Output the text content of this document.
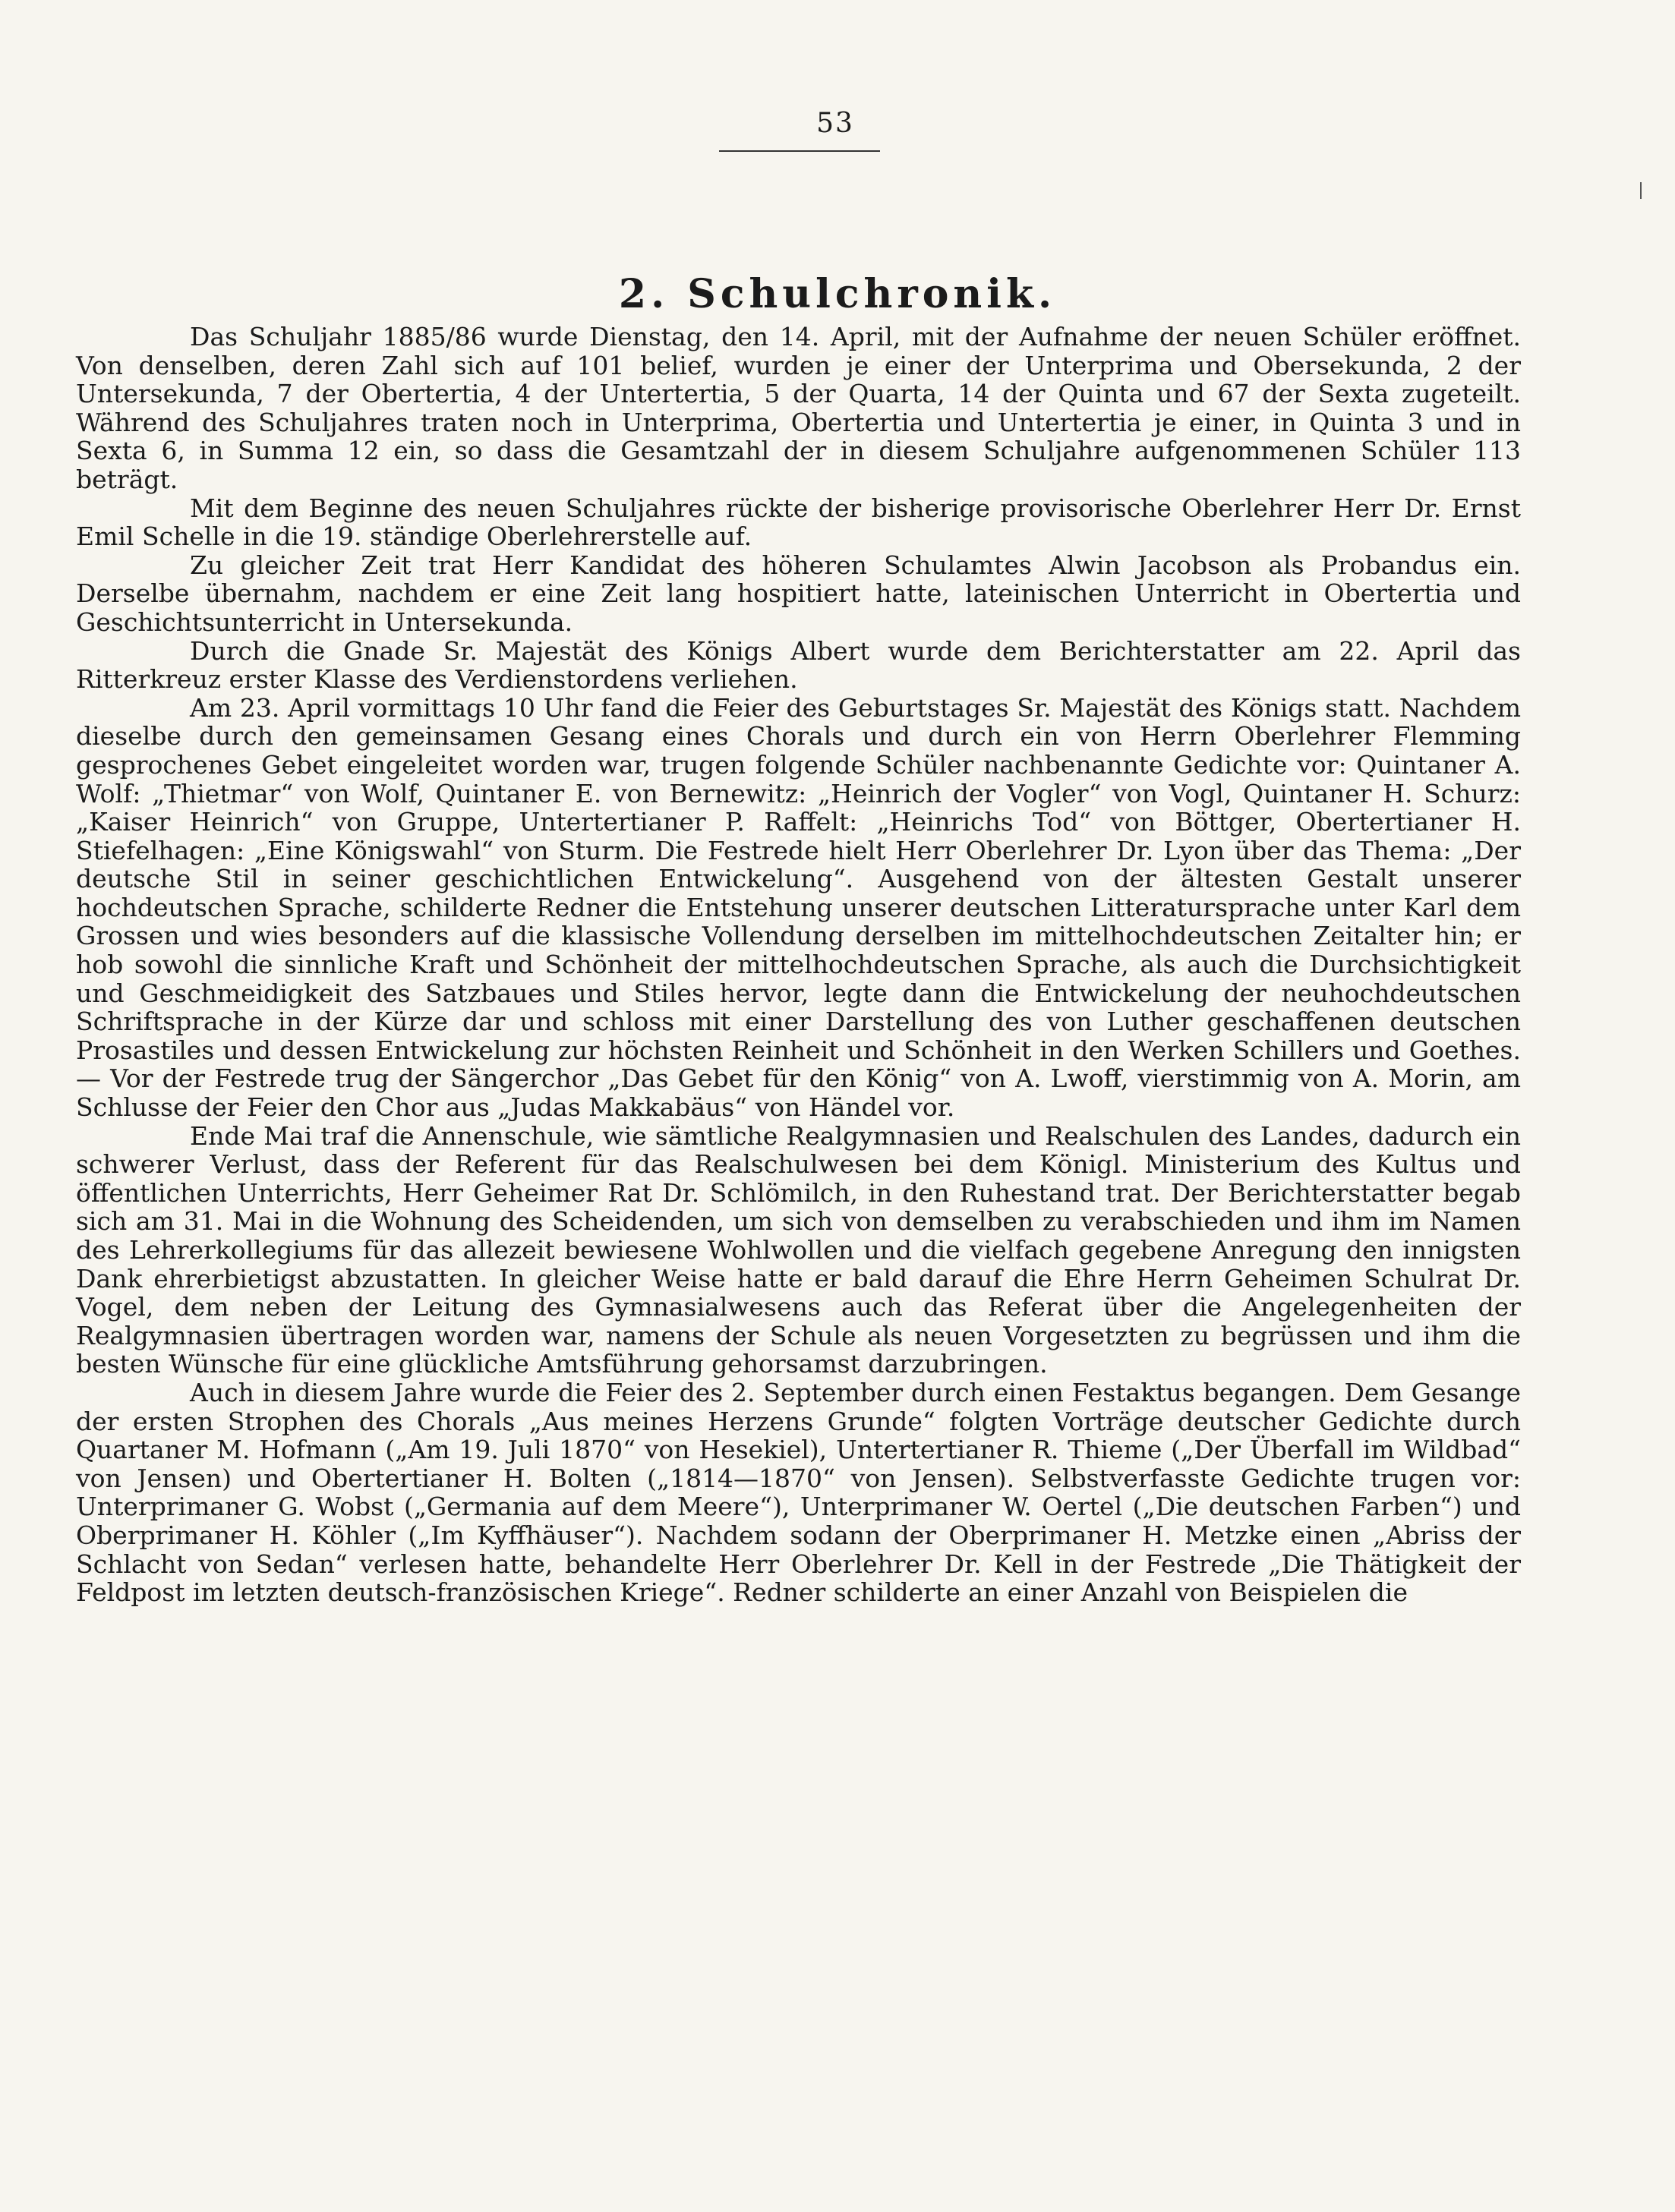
53
2. Schulchronik.

Das Schuljahr 1885/86 wurde Dienstag, den 14. April, mit der Aufnahme der neuen Schüler eröffnet. Von denselben, deren Zahl sich auf 101 belief, wurden je einer der Unterprima und Obersekunda, 2 der Untersekunda, 7 der Obertertia, 4 der Untertertia, 5 der Quarta, 14 der Quinta und 67 der Sexta zugeteilt. Während des Schuljahres traten noch in Unterprima, Obertertia und Untertertia je einer, in Quinta 3 und in Sexta 6, in Summa 12 ein, so dass die Gesamtzahl der in diesem Schuljahre aufgenommenen Schüler 113 beträgt.

Mit dem Beginne des neuen Schuljahres rückte der bisherige provisorische Oberlehrer Herr Dr. Ernst Emil Schelle in die 19. ständige Oberlehrerstelle auf.

Zu gleicher Zeit trat Herr Kandidat des höheren Schulamtes Alwin Jacobson als Probandus ein. Derselbe übernahm, nachdem er eine Zeit lang hospitiert hatte, lateinischen Unterricht in Obertertia und Geschichtsunterricht in Untersekunda.

Durch die Gnade Sr. Majestät des Königs Albert wurde dem Berichterstatter am 22. April das Ritterkreuz erster Klasse des Verdienstordens verliehen.

Am 23. April vormittags 10 Uhr fand die Feier des Geburtstages Sr. Majestät des Königs statt. Nachdem dieselbe durch den gemeinsamen Gesang eines Chorals und durch ein von Herrn Oberlehrer Flemming gesprochenes Gebet eingeleitet worden war, trugen folgende Schüler nachbenannte Gedichte vor: Quintaner A. Wolf: „Thietmar“ von Wolf, Quintaner E. von Bernewitz: „Heinrich der Vogler“ von Vogl, Quintaner H. Schurz: „Kaiser Heinrich“ von Gruppe, Untertertianer P. Raffelt: „Heinrichs Tod“ von Böttger, Obertertianer H. Stiefelhagen: „Eine Königswahl“ von Sturm. Die Festrede hielt Herr Oberlehrer Dr. Lyon über das Thema: „Der deutsche Stil in seiner geschichtlichen Entwickelung“. Ausgehend von der ältesten Gestalt unserer hochdeutschen Sprache, schilderte Redner die Entstehung unserer deutschen Litteratursprache unter Karl dem Grossen und wies besonders auf die klassische Vollendung derselben im mittelhochdeutschen Zeitalter hin; er hob sowohl die sinnliche Kraft und Schönheit der mittelhochdeutschen Sprache, als auch die Durchsichtigkeit und Geschmeidigkeit des Satzbaues und Stiles hervor, legte dann die Entwickelung der neuhochdeutschen Schriftsprache in der Kürze dar und schloss mit einer Darstellung des von Luther geschaffenen deutschen Prosastiles und dessen Entwickelung zur höchsten Reinheit und Schönheit in den Werken Schillers und Goethes. — Vor der Festrede trug der Sängerchor „Das Gebet für den König“ von A. Lwoff, vierstimmig von A. Morin, am Schlusse der Feier den Chor aus „Judas Makkabäus“ von Händel vor.

Ende Mai traf die Annenschule, wie sämtliche Realgymnasien und Realschulen des Landes, dadurch ein schwerer Verlust, dass der Referent für das Realschulwesen bei dem Königl. Ministerium des Kultus und öffentlichen Unterrichts, Herr Geheimer Rat Dr. Schlömilch, in den Ruhestand trat. Der Berichterstatter begab sich am 31. Mai in die Wohnung des Scheidenden, um sich von demselben zu verabschieden und ihm im Namen des Lehrerkollegiums für das allezeit bewiesene Wohlwollen und die vielfach gegebene Anregung den innigsten Dank ehrerbietigst abzustatten. In gleicher Weise hatte er bald darauf die Ehre Herrn Geheimen Schulrat Dr. Vogel, dem neben der Leitung des Gymnasialwesens auch das Referat über die Angelegenheiten der Realgymnasien übertragen worden war, namens der Schule als neuen Vorgesetzten zu begrüssen und ihm die besten Wünsche für eine glückliche Amtsführung gehorsamst darzubringen.

Auch in diesem Jahre wurde die Feier des 2. September durch einen Festaktus begangen. Dem Gesange der ersten Strophen des Chorals „Aus meines Herzens Grunde“ folgten Vorträge deutscher Gedichte durch Quartaner M. Hofmann („Am 19. Juli 1870“ von Hesekiel), Untertertianer R. Thieme („Der Überfall im Wildbad“ von Jensen) und Obertertianer H. Bolten („1814—1870“ von Jensen). Selbstverfasste Gedichte trugen vor: Unterprimaner G. Wobst („Germania auf dem Meere“), Unterprimaner W. Oertel („Die deutschen Farben“) und Oberprimaner H. Köhler („Im Kyffhäuser“). Nachdem sodann der Oberprimaner H. Metzke einen „Abriss der Schlacht von Sedan“ verlesen hatte, behandelte Herr Oberlehrer Dr. Kell in der Festrede „Die Thätigkeit der Feldpost im letzten deutsch-französischen Kriege“. Redner schilderte an einer Anzahl von Beispielen die
